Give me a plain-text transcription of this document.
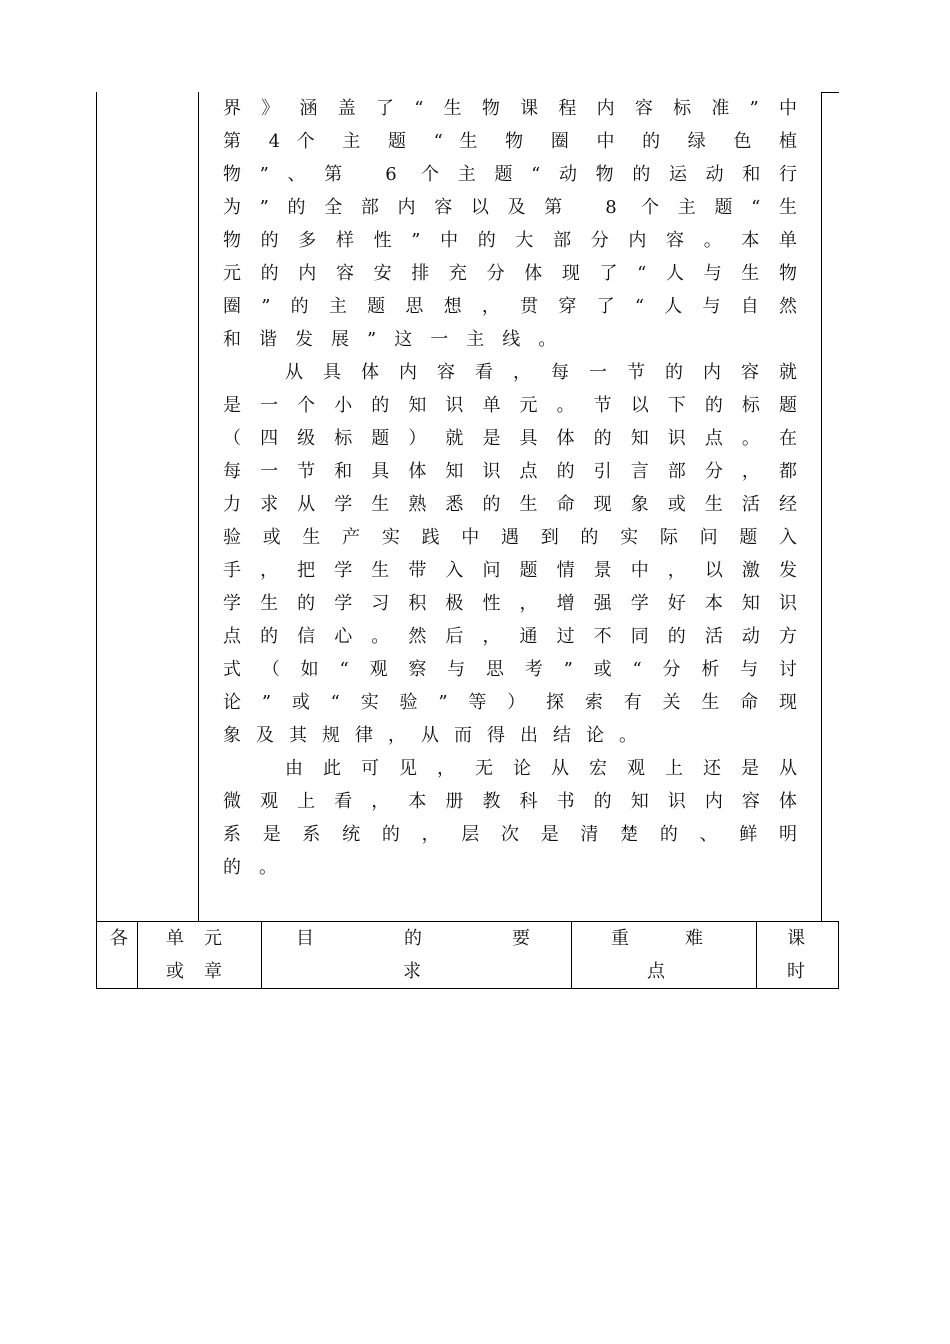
界》涵盖了“生物课程内容标准”中
第 4 个 主 题 “ 生 物 圈 中 的 绿 色 植
物”、第 6 个主题“动物的运动和行
为”的全部内容以及第 8 个主题“生
物的多样性”中的大部分内容。本单
元的内容安排充分体现了“人与生物
圈”的主题思想，贯穿了“人与自然
和谐发展”这一主线。
从具体内容看，每一节的内容就
是一个小的知识单元。节以下的标题
（四级标题）就是具体的知识点。在
每一节和具体知识点的引言部分，都
力求从学生熟悉的生命现象或生活经
验或生产实践中遇到的实际问题入
手，把学生带入问题情景中，以激发
学生的学习积极性，增强学好本知识
点的信心。然后，通过不同的活动方
式（如“观察与思考”或“分析与讨
论”或“实验”等）探索有关生命现
象及其规律，从而得出结论。
由此可见，无论从宏观上还是从
微观上看，本册教科书的知识内容体
系是系统的，层次是清楚的、鲜明
的。
各	单元
或章
目的要
求
重难
点
课
时
